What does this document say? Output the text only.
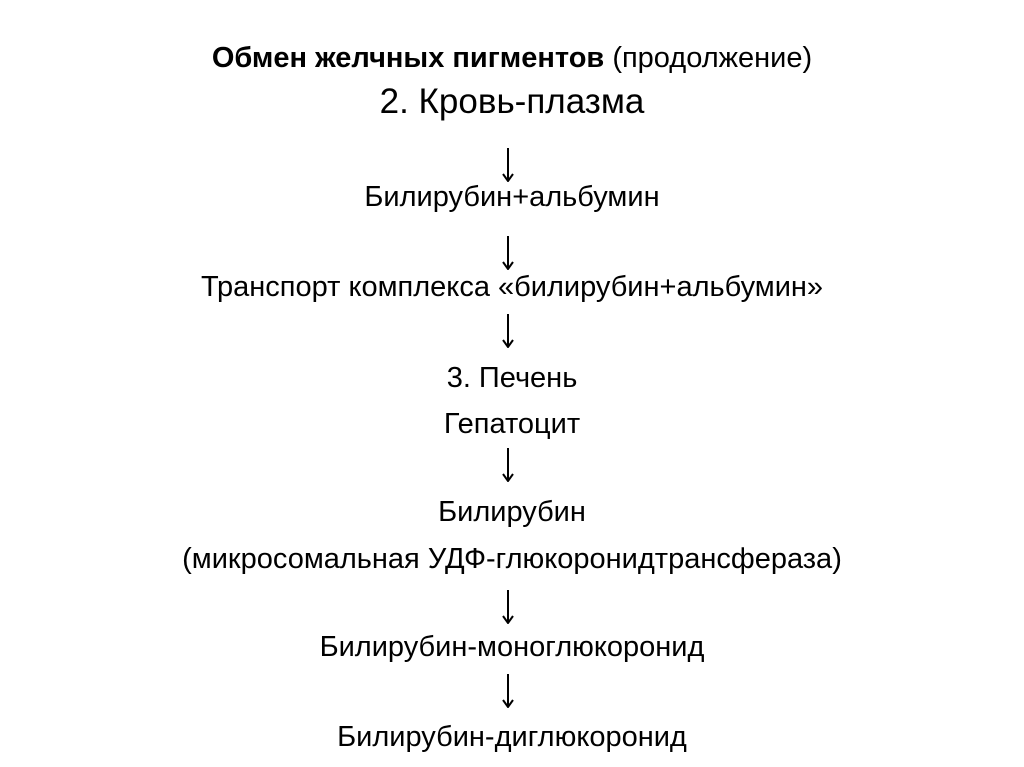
Обмен желчных пигментов (продолжение)
2. Кровь-плазма
Билирубин+альбумин
Транспорт комплекса «билирубин+альбумин»
3. Печень
Гепатоцит
Билирубин
(микросомальная УДФ-глюкоронидтрансфераза)
Билирубин-моноглюкоронид
Билирубин-диглюкоронид
